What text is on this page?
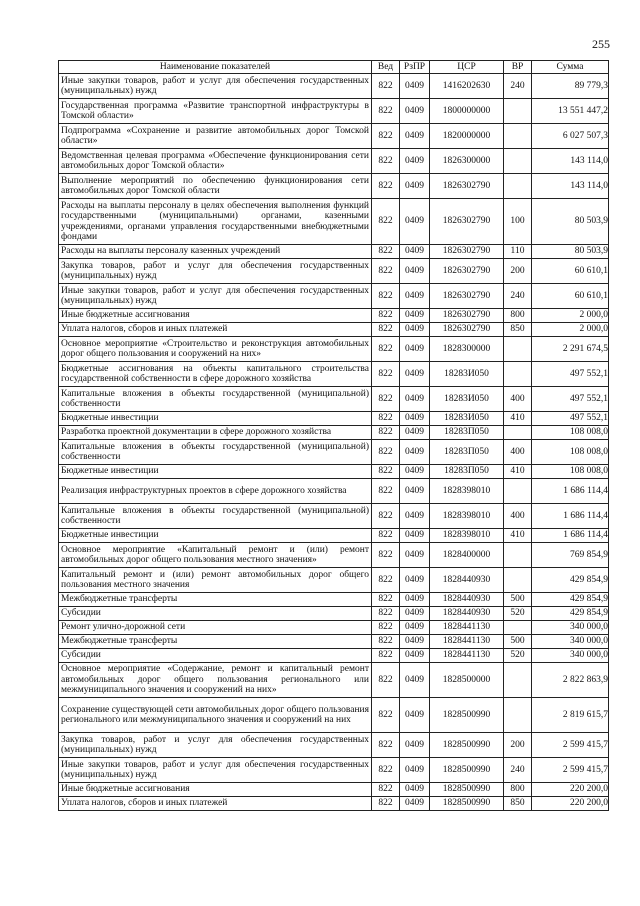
255
Наименование показателей	Вед	РзПР	ЦСР	ВР	Сумма
Иные закупки товаров, работ и услуг для обеспечения государственных (муниципальных) нужд	822	0409	1416202630	240	89 779,3
Государственная программа «Развитие транспортной инфраструктуры в Томской области»	822	0409	1800000000		13 551 447,2
Подпрограмма «Сохранение и развитие автомобильных дорог Томской области»	822	0409	1820000000		6 027 507,3
Ведомственная целевая программа «Обеспечение функционирования сети автомобильных дорог Томской области»	822	0409	1826300000		143 114,0
Выполнение мероприятий по обеспечению функционирования сети автомобильных дорог Томской области	822	0409	1826302790		143 114,0
Расходы на выплаты персоналу в целях обеспечения выполнения функций государственными (муниципальными) органами, казенными учреждениями, органами управления государственными внебюджетными фондами	822	0409	1826302790	100	80 503,9
Расходы на выплаты персоналу казенных учреждений	822	0409	1826302790	110	80 503,9
Закупка товаров, работ и услуг для обеспечения государственных (муниципальных) нужд	822	0409	1826302790	200	60 610,1
Иные закупки товаров, работ и услуг для обеспечения государственных (муниципальных) нужд	822	0409	1826302790	240	60 610,1
Иные бюджетные ассигнования	822	0409	1826302790	800	2 000,0
Уплата налогов, сборов и иных платежей	822	0409	1826302790	850	2 000,0
Основное мероприятие «Строительство и реконструкция автомобильных дорог общего пользования и сооружений на них»	822	0409	1828300000		2 291 674,5
Бюджетные ассигнования на объекты капитального строительства государственной собственности в сфере дорожного хозяйства	822	0409	18283И050		497 552,1
Капитальные вложения в объекты государственной (муниципальной) собственности	822	0409	18283И050	400	497 552,1
Бюджетные инвестиции	822	0409	18283И050	410	497 552,1
Разработка проектной документации в сфере дорожного хозяйства	822	0409	18283П050		108 008,0
Капитальные вложения в объекты государственной (муниципальной) собственности	822	0409	18283П050	400	108 008,0
Бюджетные инвестиции	822	0409	18283П050	410	108 008,0
Реализация инфраструктурных проектов в сфере дорожного хозяйства	822	0409	1828398010		1 686 114,4
Капитальные вложения в объекты государственной (муниципальной) собственности	822	0409	1828398010	400	1 686 114,4
Бюджетные инвестиции	822	0409	1828398010	410	1 686 114,4
Основное мероприятие «Капитальный ремонт и (или) ремонт автомобильных дорог общего пользования местного значения»	822	0409	1828400000		769 854,9
Капитальный ремонт и (или) ремонт автомобильных дорог общего пользования местного значения	822	0409	1828440930		429 854,9
Межбюджетные трансферты	822	0409	1828440930	500	429 854,9
Субсидии	822	0409	1828440930	520	429 854,9
Ремонт улично-дорожной сети	822	0409	1828441130		340 000,0
Межбюджетные трансферты	822	0409	1828441130	500	340 000,0
Субсидии	822	0409	1828441130	520	340 000,0
Основное мероприятие «Содержание, ремонт и капитальный ремонт автомобильных дорог общего пользования регионального или межмуниципального значения и сооружений на них»	822	0409	1828500000		2 822 863,9
Сохранение существующей сети автомобильных дорог общего пользования регионального или межмуниципального значения и сооружений на них	822	0409	1828500990		2 819 615,7
Закупка товаров, работ и услуг для обеспечения государственных (муниципальных) нужд	822	0409	1828500990	200	2 599 415,7
Иные закупки товаров, работ и услуг для обеспечения государственных (муниципальных) нужд	822	0409	1828500990	240	2 599 415,7
Иные бюджетные ассигнования	822	0409	1828500990	800	220 200,0
Уплата налогов, сборов и иных платежей	822	0409	1828500990	850	220 200,0
